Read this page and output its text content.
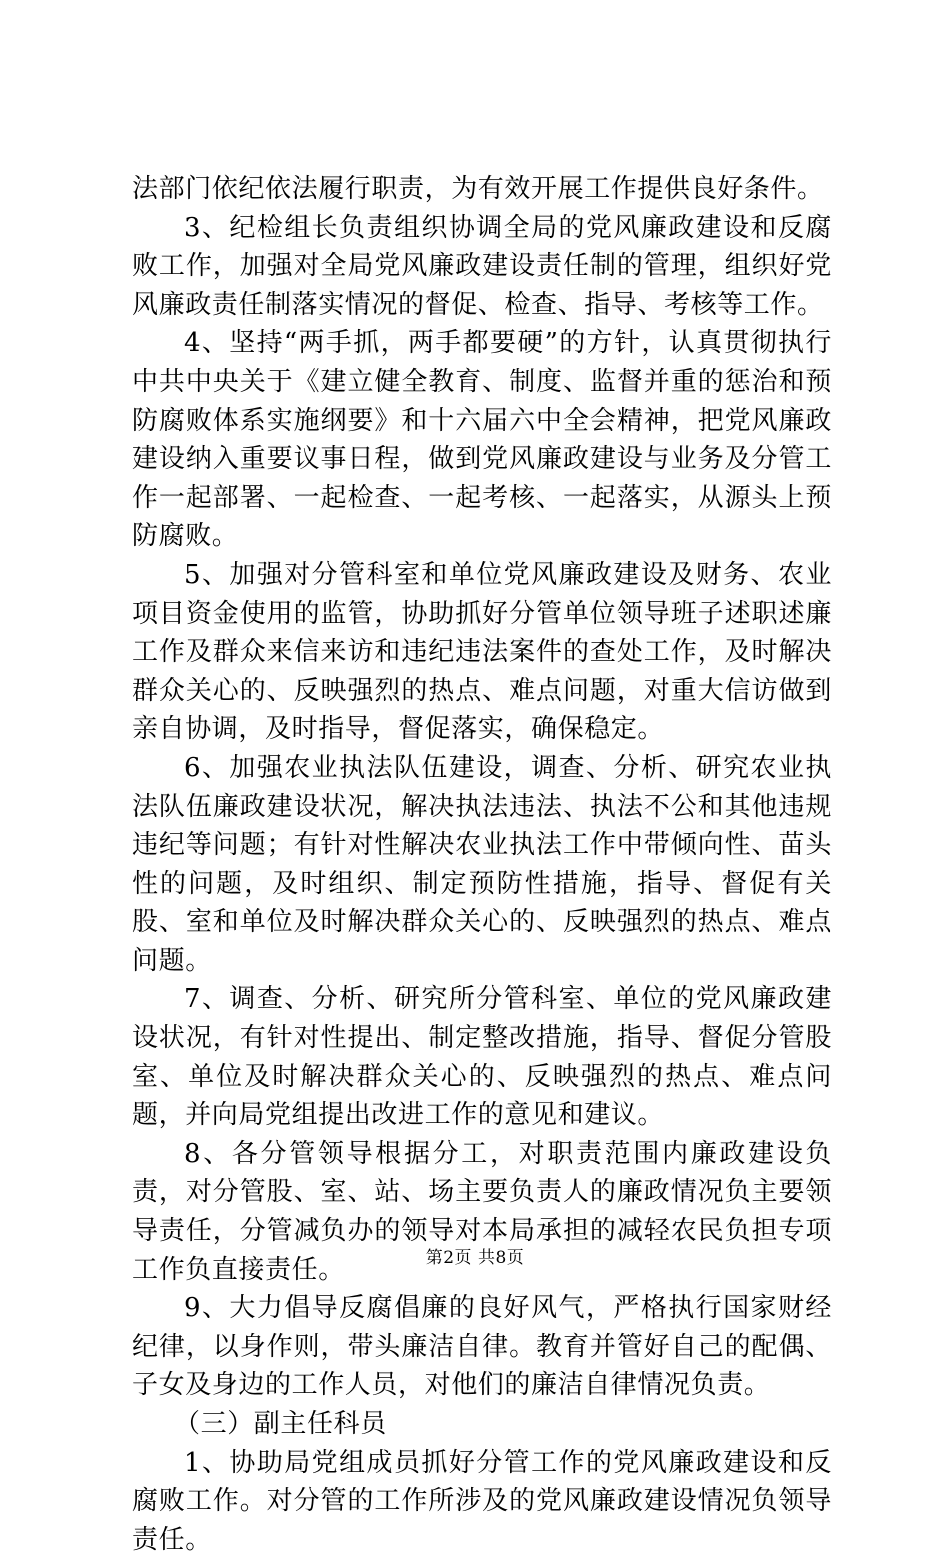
法部门依纪依法履行职责，为有效开展工作提供良好条件。

3、纪检组长负责组织协调全局的党风廉政建设和反腐败工作，加强对全局党风廉政建设责任制的管理，组织好党风廉政责任制落实情况的督促、检查、指导、考核等工作。

4、坚持“两手抓，两手都要硬”的方针，认真贯彻执行中共中央关于《建立健全教育、制度、监督并重的惩治和预防腐败体系实施纲要》和十六届六中全会精神，把党风廉政建设纳入重要议事日程，做到党风廉政建设与业务及分管工作一起部署、一起检查、一起考核、一起落实，从源头上预防腐败。

5、加强对分管科室和单位党风廉政建设及财务、农业项目资金使用的监管，协助抓好分管单位领导班子述职述廉工作及群众来信来访和违纪违法案件的查处工作，及时解决群众关心的、反映强烈的热点、难点问题，对重大信访做到亲自协调，及时指导，督促落实，确保稳定。

6、加强农业执法队伍建设，调查、分析、研究农业执法队伍廉政建设状况，解决执法违法、执法不公和其他违规违纪等问题；有针对性解决农业执法工作中带倾向性、苗头性的问题，及时组织、制定预防性措施，指导、督促有关股、室和单位及时解决群众关心的、反映强烈的热点、难点问题。

7、调查、分析、研究所分管科室、单位的党风廉政建设状况，有针对性提出、制定整改措施，指导、督促分管股室、单位及时解决群众关心的、反映强烈的热点、难点问题，并向局党组提出改进工作的意见和建议。

8、各分管领导根据分工，对职责范围内廉政建设负责，对分管股、室、站、场主要负责人的廉政情况负主要领导责任，分管减负办的领导对本局承担的减轻农民负担专项工作负直接责任。

9、大力倡导反腐倡廉的良好风气，严格执行国家财经纪律，以身作则，带头廉洁自律。教育并管好自己的配偶、子女及身边的工作人员，对他们的廉洁自律情况负责。

（三）副主任科员

1、协助局党组成员抓好分管工作的党风廉政建设和反腐败工作。对分管的工作所涉及的党风廉政建设情况负领导责任。

第2页 共8页
